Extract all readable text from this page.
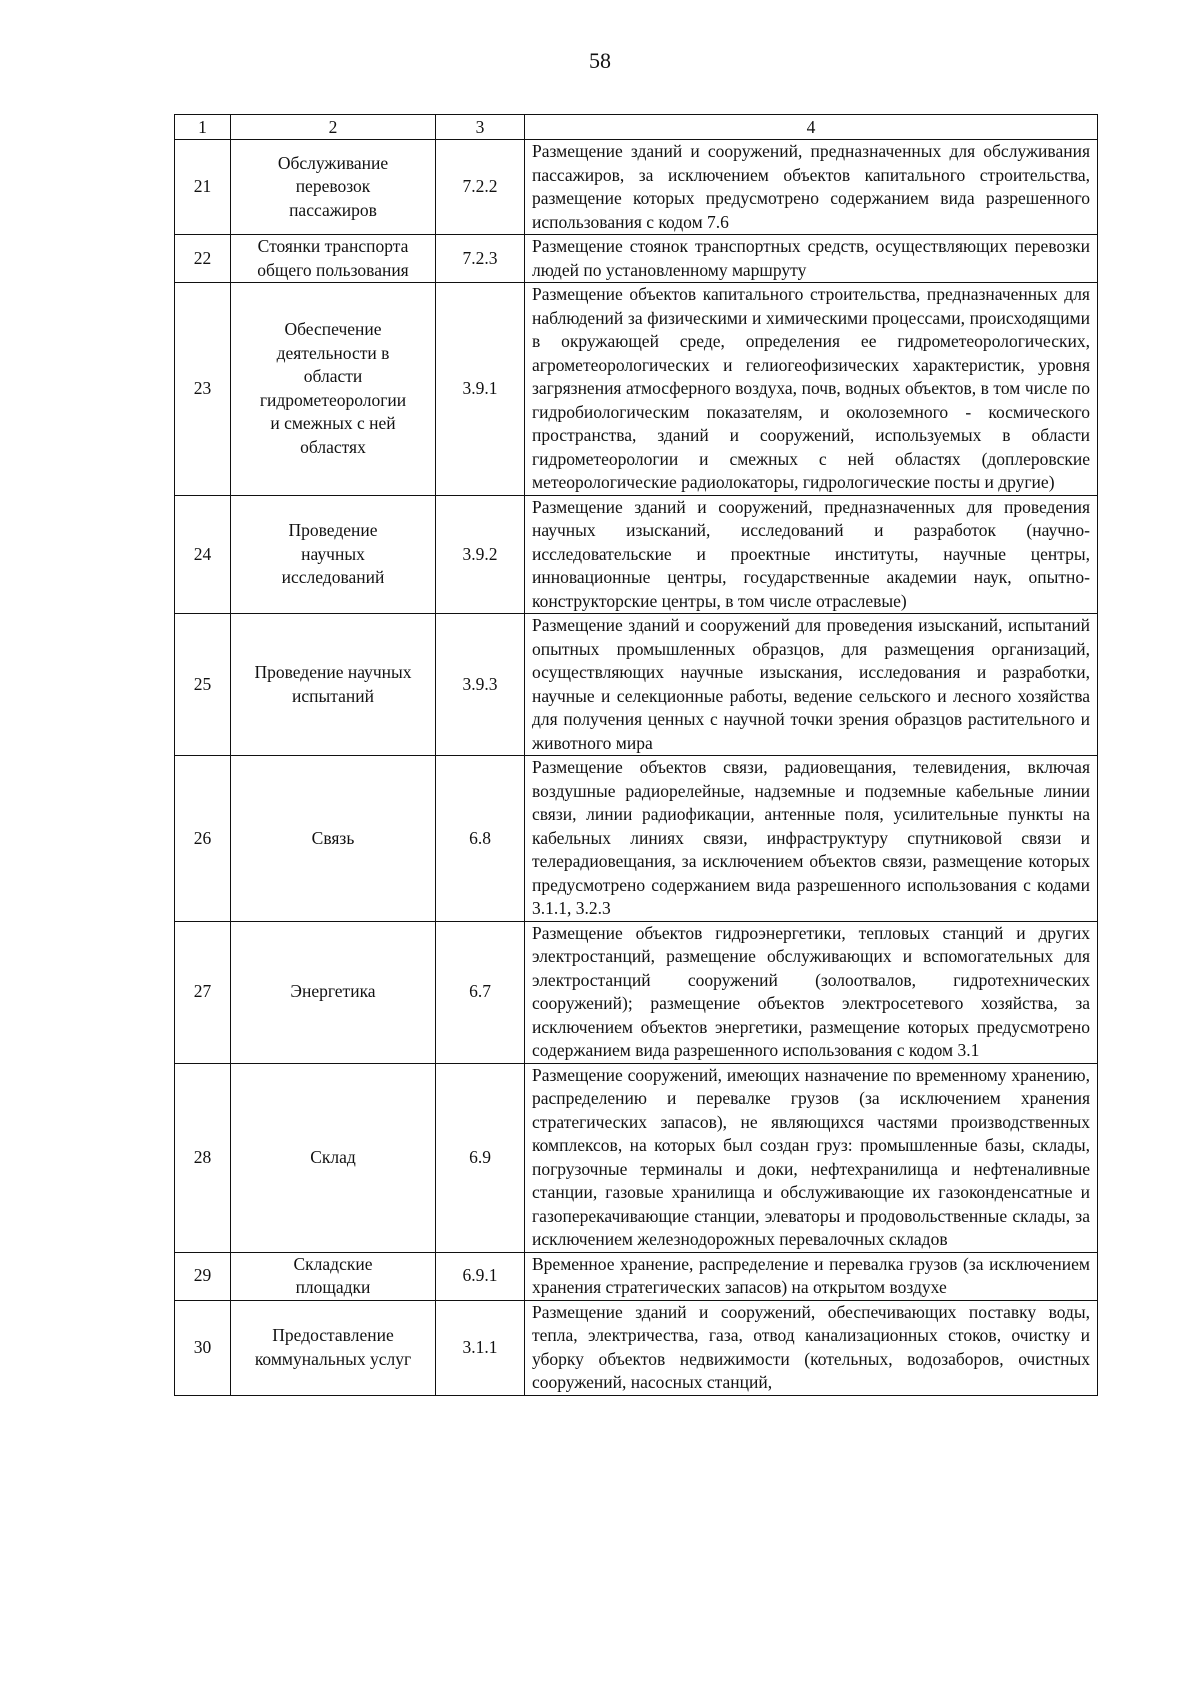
58
1	2	3	4
21	Обслуживание перевозок пассажиров	7.2.2	Размещение зданий и сооружений, предназначенных для обслуживания пассажиров, за исключением объектов капитального строительства, размещение которых предусмотрено содержанием вида разрешенного использования с кодом 7.6
22	Стоянки транспорта общего пользования	7.2.3	Размещение стоянок транспортных средств, осуществляющих перевозки людей по установленному маршруту
23	Обеспечение деятельности в области гидрометеорологии и смежных с ней областях	3.9.1	Размещение объектов капитального строительства, предназначенных для наблюдений за физическими и химическими процессами, происходящими в окружающей среде, определения ее гидрометеорологических, агрометеорологических и гелиогеофизических характеристик, уровня загрязнения атмосферного воздуха, почв, водных объектов, в том числе по гидробиологическим показателям, и околоземного - космического пространства, зданий и сооружений, используемых в области гидрометеорологии и смежных с ней областях (доплеровские метеорологические радиолокаторы, гидрологические посты и другие)
24	Проведение научных исследований	3.9.2	Размещение зданий и сооружений, предназначенных для проведения научных изысканий, исследований и разработок (научно-исследовательские и проектные институты, научные центры, инновационные центры, государственные академии наук, опытно-конструкторские центры, в том числе отраслевые)
25	Проведение научных испытаний	3.9.3	Размещение зданий и сооружений для проведения изысканий, испытаний опытных промышленных образцов, для размещения организаций, осуществляющих научные изыскания, исследования и разработки, научные и селекционные работы, ведение сельского и лесного хозяйства для получения ценных с научной точки зрения образцов растительного и животного мира
26	Связь	6.8	Размещение объектов связи, радиовещания, телевидения, включая воздушные радиорелейные, надземные и подземные кабельные линии связи, линии радиофикации, антенные поля, усилительные пункты на кабельных линиях связи, инфраструктуру спутниковой связи и телерадиовещания, за исключением объектов связи, размещение которых предусмотрено содержанием вида разрешенного использования с кодами 3.1.1, 3.2.3
27	Энергетика	6.7	Размещение объектов гидроэнергетики, тепловых станций и других электростанций, размещение обслуживающих и вспомогательных для электростанций сооружений (золоотвалов, гидротехнических сооружений); размещение объектов электросетевого хозяйства, за исключением объектов энергетики, размещение которых предусмотрено содержанием вида разрешенного использования с кодом 3.1
28	Склад	6.9	Размещение сооружений, имеющих назначение по временному хранению, распределению и перевалке грузов (за исключением хранения стратегических запасов), не являющихся частями производственных комплексов, на которых был создан груз: промышленные базы, склады, погрузочные терминалы и доки, нефтехранилища и нефтеналивные станции, газовые хранилища и обслуживающие их газоконденсатные и газоперекачивающие станции, элеваторы и продовольственные склады, за исключением железнодорожных перевалочных складов
29	Складские площадки	6.9.1	Временное хранение, распределение и перевалка грузов (за исключением хранения стратегических запасов) на открытом воздухе
30	Предоставление коммунальных услуг	3.1.1	Размещение зданий и сооружений, обеспечивающих поставку воды, тепла, электричества, газа, отвод канализационных стоков, очистку и уборку объектов недвижимости (котельных, водозаборов, очистных сооружений, насосных станций,
